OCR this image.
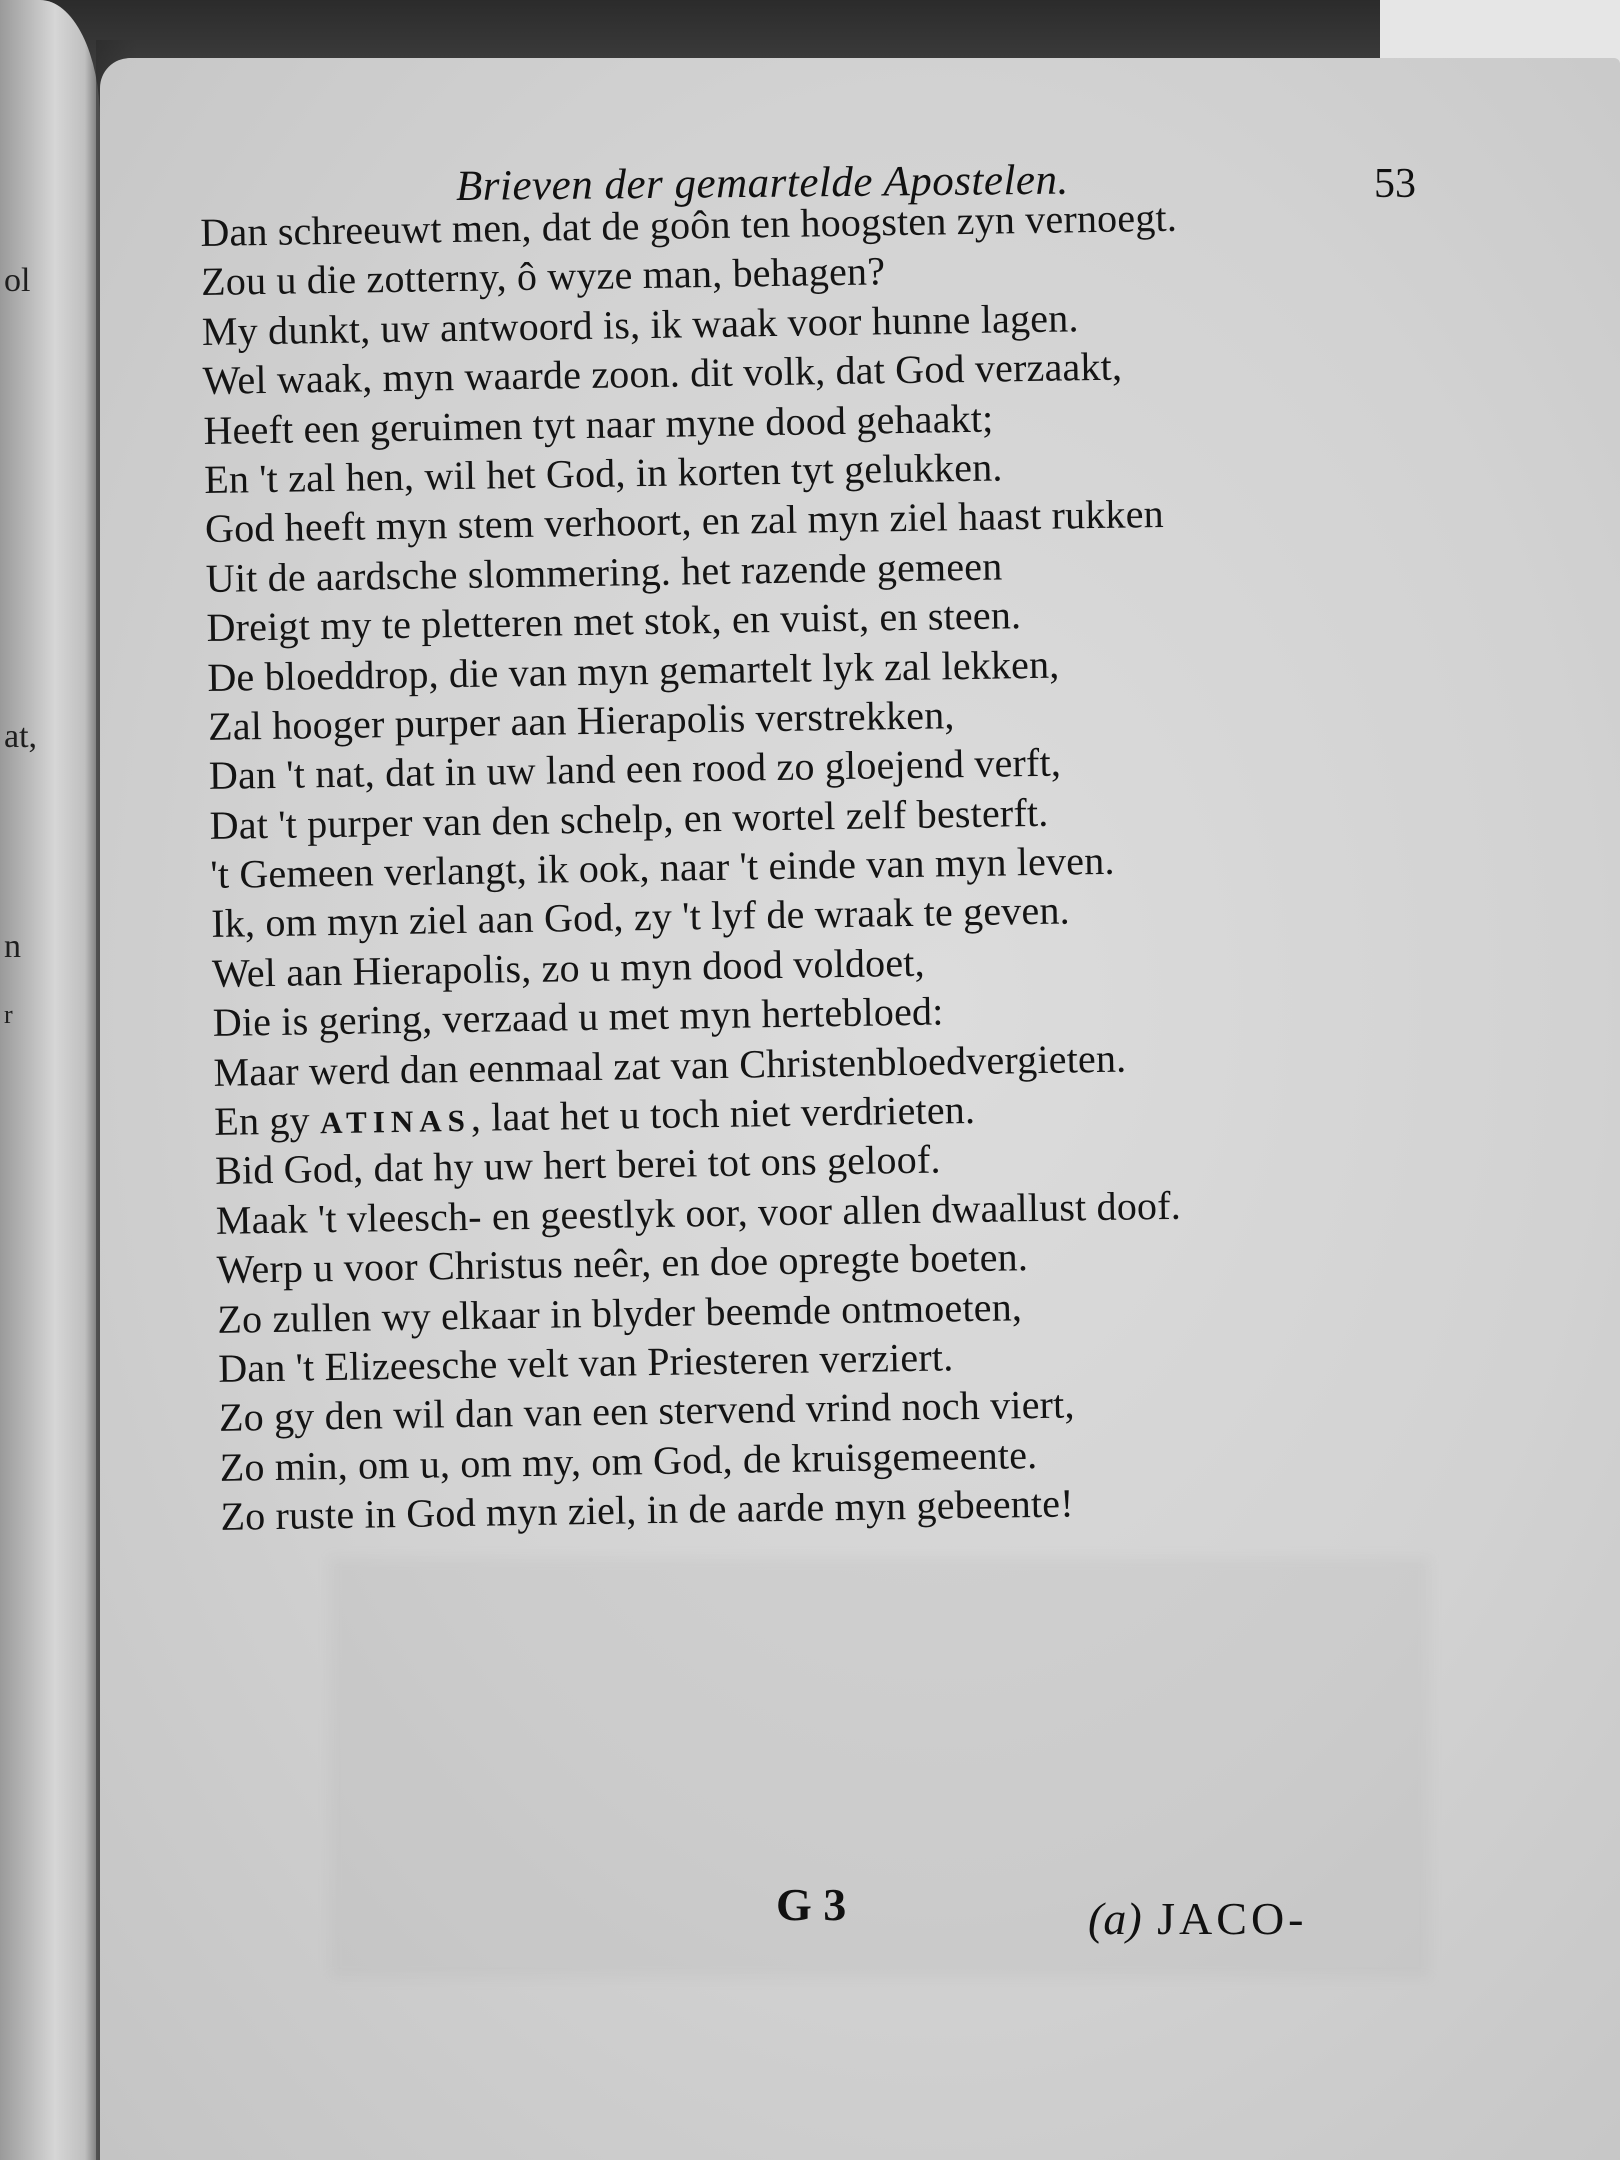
ol
at,
n
r
Brieven der gemartelde Apostelen.	53
Dan schreeuwt men, dat de goôn ten hoogsten zyn vernoegt.
Zou u die zotterny, ô wyze man, behagen?
My dunkt, uw antwoord is, ik waak voor hunne lagen.
Wel waak, myn waarde zoon. dit volk, dat God verzaakt,
Heeft een geruimen tyt naar myne dood gehaakt;
En 't zal hen, wil het God, in korten tyt gelukken.
God heeft myn stem verhoort, en zal myn ziel haast rukken
Uit de aardsche slommering. het razende gemeen
Dreigt my te pletteren met stok, en vuist, en steen.
De bloeddrop, die van myn gemartelt lyk zal lekken,
Zal hooger purper aan Hierapolis verstrekken,
Dan 't nat, dat in uw land een rood zo gloejend verft,
Dat 't purper van den schelp, en wortel zelf besterft.
't Gemeen verlangt, ik ook, naar 't einde van myn leven.
Ik, om myn ziel aan God, zy 't lyf de wraak te geven.
Wel aan Hierapolis, zo u myn dood voldoet,
Die is gering, verzaad u met myn hertebloed:
Maar werd dan eenmaal zat van Christenbloedvergieten.
En gy ATINAS, laat het u toch niet verdrieten.
Bid God, dat hy uw hert berei tot ons geloof.
Maak 't vleesch- en geestlyk oor, voor allen dwaallust doof.
Werp u voor Christus neêr, en doe opregte boeten.
Zo zullen wy elkaar in blyder beemde ontmoeten,
Dan 't Elizeesche velt van Priesteren verziert.
Zo gy den wil dan van een stervend vrind noch viert,
Zo min, om u, om my, om God, de kruisgemeente.
Zo ruste in God myn ziel, in de aarde myn gebeente!
G 3	(a) JACO-
